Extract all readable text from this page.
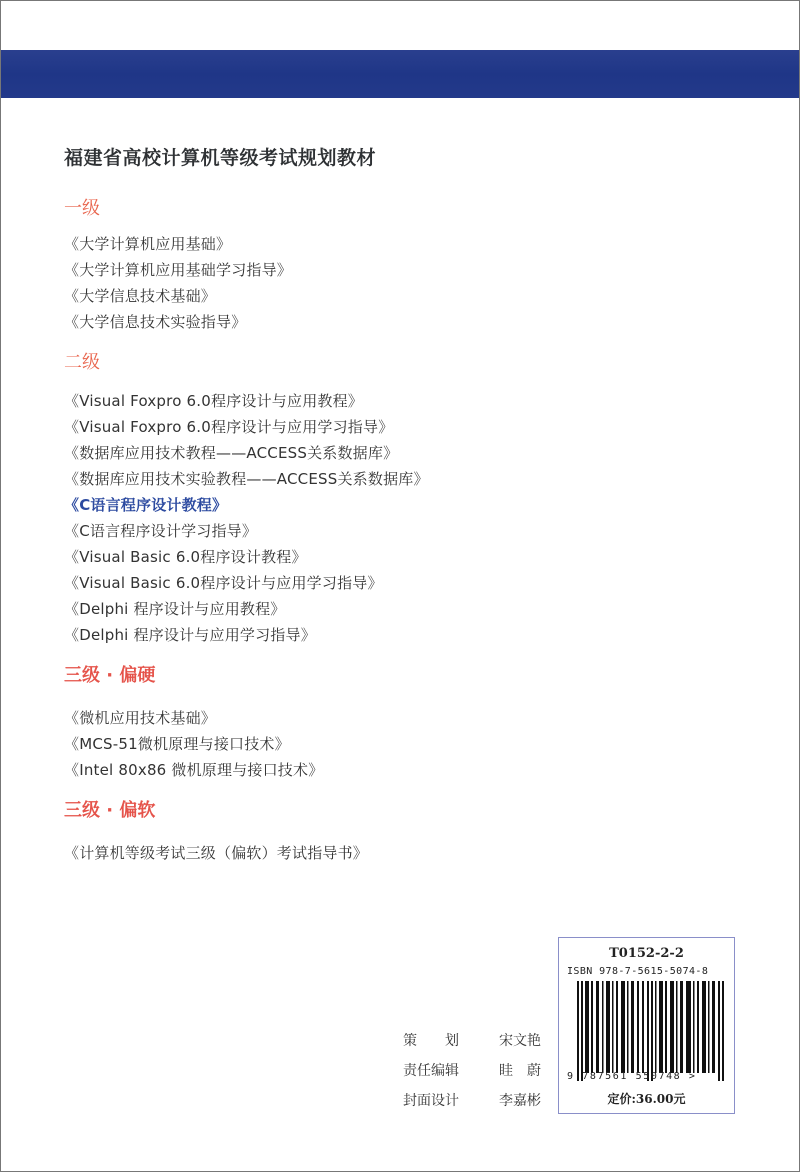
福建省高校计算机等级考试规划教材
一级
《大学计算机应用基础》
《大学计算机应用基础学习指导》
《大学信息技术基础》
《大学信息技术实验指导》
二级
《Visual Foxpro 6.0程序设计与应用教程》
《Visual Foxpro 6.0程序设计与应用学习指导》
《数据库应用技术教程——ACCESS关系数据库》
《数据库应用技术实验教程——ACCESS关系数据库》
《C语言程序设计教程》
《C语言程序设计学习指导》
《Visual Basic 6.0程序设计教程》
《Visual Basic 6.0程序设计与应用学习指导》
《Delphi 程序设计与应用教程》
《Delphi 程序设计与应用学习指导》
三级 · 偏硬
《微机应用技术基础》
《MCS-51微机原理与接口技术》
《Intel 80x86 微机原理与接口技术》
三级 · 偏软
《计算机等级考试三级（偏软）考试指导书》
T0152-2-2
ISBN 978-7-5615-5074-8
9 787561 550748 >
定价:36.00元
策　　划	宋文艳
责任编辑	眭　蔚
封面设计	李嘉彬
